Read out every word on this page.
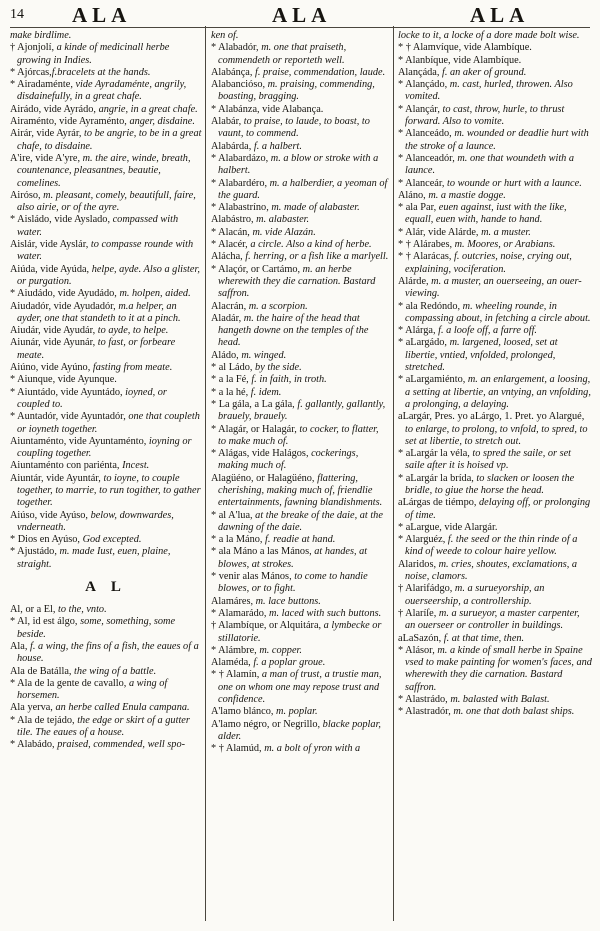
14 ALA	ALA	ALA

make birdlime.

† Ajonjolí, a kinde of medicinall herbe growing in Indies.

* Ajórcas,f.bracelets at the hands.

* Airadaménte, vide Ayradaménte, angrily, disdainefully, in a great chafe.

Airádo, vide Ayrádo, angrie, in a great chafe.

Airaménto, vide Ayraménto, anger, disdaine.

Airár, vide Ayrár, to be angrie, to be in a great chafe, to disdaine.

A'ire, vide A'yre, m. the aire, winde, breath, countenance, pleasantnes, beautie, comelines.

Airóso, m. pleasant, comely, beautifull, faire, also airie, or of the ayre.

* Aisládo, vide Ayslado, compassed with water.

Aislár, vide Ayslár, to compasse rounde with water.

Aiúda, vide Ayúda, helpe, ayde. Also a glister, or purgation.

* Aiudádo, vide Ayudádo, m. holpen, aided.

Aiudadór, vide Ayudadór, m.a helper, an ayder, one that standeth to it at a pinch.

Aiudár, vide Ayudár, to ayde, to helpe.

Aiunár, vide Ayunár, to fast, or forbeare meate.

Aiúno, vide Ayúno, fasting from meate.

* Aiunque, vide Ayunque.

* Aiuntádo, vide Ayuntádo, ioyned, or coupled to.

* Auntadór, vide Ayuntadór, one that coupleth or ioyneth together.

Aiuntaménto, vide Ayuntaménto, ioyning or coupling together.

Aiuntaménto con pariénta, Incest.

Aiuntár, vide Ayuntár, to ioyne, to couple together, to marrie, to run togither, to gather together.

Aiúso, vide Ayúso, below, downwardes, vnderneath.

* Dios en Ayúso, God excepted.

* Ajustádo, m. made Iust, euen, plaine, straight.

A L

Al, or a El, to the, vnto.

* Al, id est álgo, some, something, some beside.

Ala, f. a wing, the fins of a fish, the eaues of a house.

Ala de Batálla, the wing of a battle.

* Ala de la gente de cavallo, a wing of horsemen.

Ala yerva, an herbe called Enula campana.

* Ala de tejádo, the edge or skirt of a gutter tile. The eaues of a house.

* Alabádo, praised, commended, well spo-

ken of.

* Alabadór, m. one that praiseth, commendeth or reporteth well.

Alabánça, f. praise, commendation, laude.

Alabancióso, m. praising, commending, boasting, bragging.

* Alabánza, vide Alabança.

Alabár, to praise, to laude, to boast, to vaunt, to commend.

Alabárda, f. a halbert.

* Alabardázo, m. a blow or stroke with a halbert.

* Alabardéro, m. a halberdier, a yeoman of the guard.

* Alabastríno, m. made of alabaster.

Alabástro, m. alabaster.

* Alacán, m. vide Alazán.

* Alacér, a circle. Also a kind of herbe.

Alácha, f. herring, or a fish like a marlyell.

* Alaçór, or Cartámo, m. an herbe wherewith they die carnation. Bastard saffron.

Alacrán, m. a scorpion.

Aladár, m. the haire of the head that hangeth downe on the temples of the head.

Aládo, m. winged.

* al Ládo, by the side.

* a la Fé, f. in faith, in troth.

* a la hé, f. idem.

* La gála, a La gála, f. gallantly, gallantly, brauely, brauely.

* Alagár, or Halagár, to cocker, to flatter, to make much of.

* Alágas, vide Halágos, cockerings, making much of.

Alagüéno, or Halagüéno, flattering, cherishing, making much of, friendlie entertainments, fawning blandishments.

* al A'lua, at the breake of the daie, at the dawning of the daie.

* a la Máno, f. readie at hand.

* ala Máno a las Mános, at handes, at blowes, at strokes.

* venir alas Mános, to come to handie blowes, or to fight.

Alamáres, m. lace buttons.

* Alamarádo, m. laced with such buttons.

† Alambíque, or Alquitára, a lymbecke or stillatorie.

* Alámbre, m. copper.

Alaméda, f. a poplar groue.

* † Alamín, a man of trust, a trustie man, one on whom one may repose trust and confidence.

A'lamo blánco, m. poplar.

A'lamo négro, or Negrillo, blacke poplar, alder.

* † Alamúd, m. a bolt of yron with a

locke to it, a locke of a dore made bolt wise.

* † Alamvíque, vide Alambíque.

* Alanbíque, vide Alambíque.

Alançáda, f. an aker of ground.

* Alançádo, m. cast, hurled, throwen. Also vomited.

* Alançár, to cast, throw, hurle, to thrust forward. Also to vomite.

* Alanceádo, m. wounded or deadlie hurt with the stroke of a launce.

* Alanceadór, m. one that woundeth with a launce.

* Alanceár, to wounde or hurt with a launce.

Aláno, m. a mastie dogge.

* ala Par, euen against, iust with the like, equall, euen with, hande to hand.

* Alár, vide Alárde, m. a muster.

* † Alárabes, m. Moores, or Arabians.

* † Alarácas, f. outcries, noise, crying out, explaining, vociferation.

Alárde, m. a muster, an ouerseeing, an ouer-viewing.

* ala Redóndo, m. wheeling rounde, in compassing about, in fetching a circle about.

* Alárga, f. a loofe off, a farre off.

* aLargádo, m. largened, loosed, set at libertie, vntied, vnfolded, prolonged, stretched.

* aLargamiénto, m. an enlargement, a loosing, a setting at libertie, an vntying, an vnfolding, a prolonging, a delaying.

aLargár, Pres. yo aLárgo, 1. Pret. yo Alargué, to enlarge, to prolong, to vnfold, to spred, to set at libertie, to stretch out.

* aLargár la véla, to spred the saile, or set saile after it is hoised vp.

* aLargár la brída, to slacken or loosen the bridle, to giue the horse the head.

aLárgas de tiémpo, delaying off, or prolonging of time.

* aLargue, vide Alargár.

* Alarguéz, f. the seed or the thin rinde of a kind of weede to colour haire yellow.

Alaridos, m. cries, shoutes, exclamations, a noise, clamors.

† Alarifádgo, m. a surueyorship, an ouerseership, a controllership.

† Alaríſe, m. a surueyor, a master carpenter, an ouerseer or controller in buildings.

aLaSazón, f. at that time, then.

* Alásor, m. a kinde of small herbe in Spaine vsed to make painting for women's faces, and wherewith they die carnation. Bastard saffron.

* Alastrádo, m. balasted with Balast.

* Alastradór, m. one that doth balast ships.
